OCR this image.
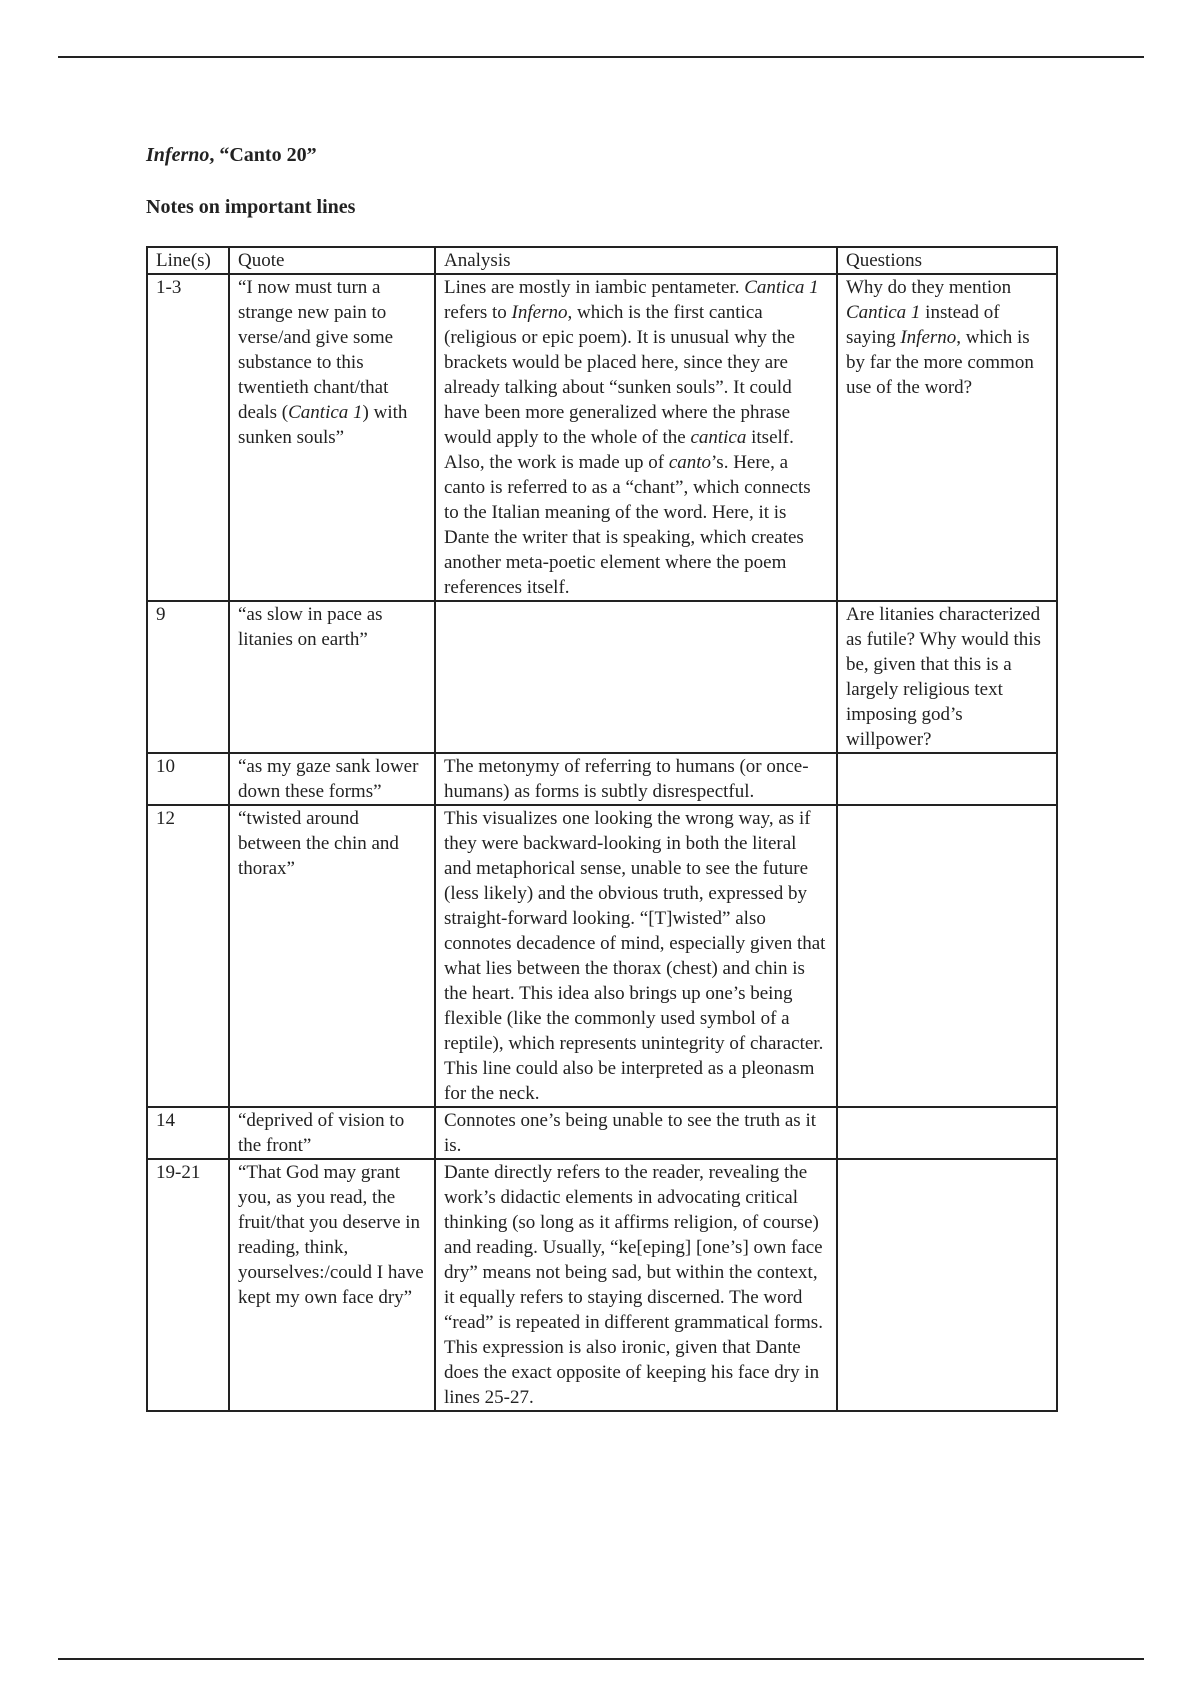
Inferno, “Canto 20”
Notes on important lines
Line(s)	Quote	Analysis	Questions
1-3	“I now must turn a strange new pain to verse/and give some substance to this twentieth chant/that deals (Cantica 1) with sunken souls”	Lines are mostly in iambic pentameter. Cantica 1 refers to Inferno, which is the first cantica (religious or epic poem). It is unusual why the brackets would be placed here, since they are already talking about “sunken souls”. It could have been more generalized where the phrase would apply to the whole of the cantica itself. Also, the work is made up of canto’s. Here, a canto is referred to as a “chant”, which connects to the Italian meaning of the word. Here, it is Dante the writer that is speaking, which creates another meta-poetic element where the poem references itself.	Why do they mention Cantica 1 instead of saying Inferno, which is by far the more common use of the word?
9	“as slow in pace as litanies on earth”		Are litanies characterized as futile? Why would this be, given that this is a largely religious text imposing god’s willpower?
10	“as my gaze sank lower down these forms”	The metonymy of referring to humans (or once-humans) as forms is subtly disrespectful.	
12	“twisted around between the chin and thorax”	This visualizes one looking the wrong way, as if they were backward-looking in both the literal and metaphorical sense, unable to see the future (less likely) and the obvious truth, expressed by straight-forward looking. “[T]wisted” also connotes decadence of mind, especially given that what lies between the thorax (chest) and chin is the heart. This idea also brings up one’s being flexible (like the commonly used symbol of a reptile), which represents unintegrity of character. This line could also be interpreted as a pleonasm for the neck.	
14	“deprived of vision to the front”	Connotes one’s being unable to see the truth as it is.	
19-21	“That God may grant you, as you read, the fruit/that you deserve in reading, think, yourselves:/could I have kept my own face dry”	Dante directly refers to the reader, revealing the work’s didactic elements in advocating critical thinking (so long as it affirms religion, of course) and reading. Usually, “ke[eping] [one’s] own face dry” means not being sad, but within the context, it equally refers to staying discerned. The word “read” is repeated in different grammatical forms. This expression is also ironic, given that Dante does the exact opposite of keeping his face dry in lines 25-27.	
